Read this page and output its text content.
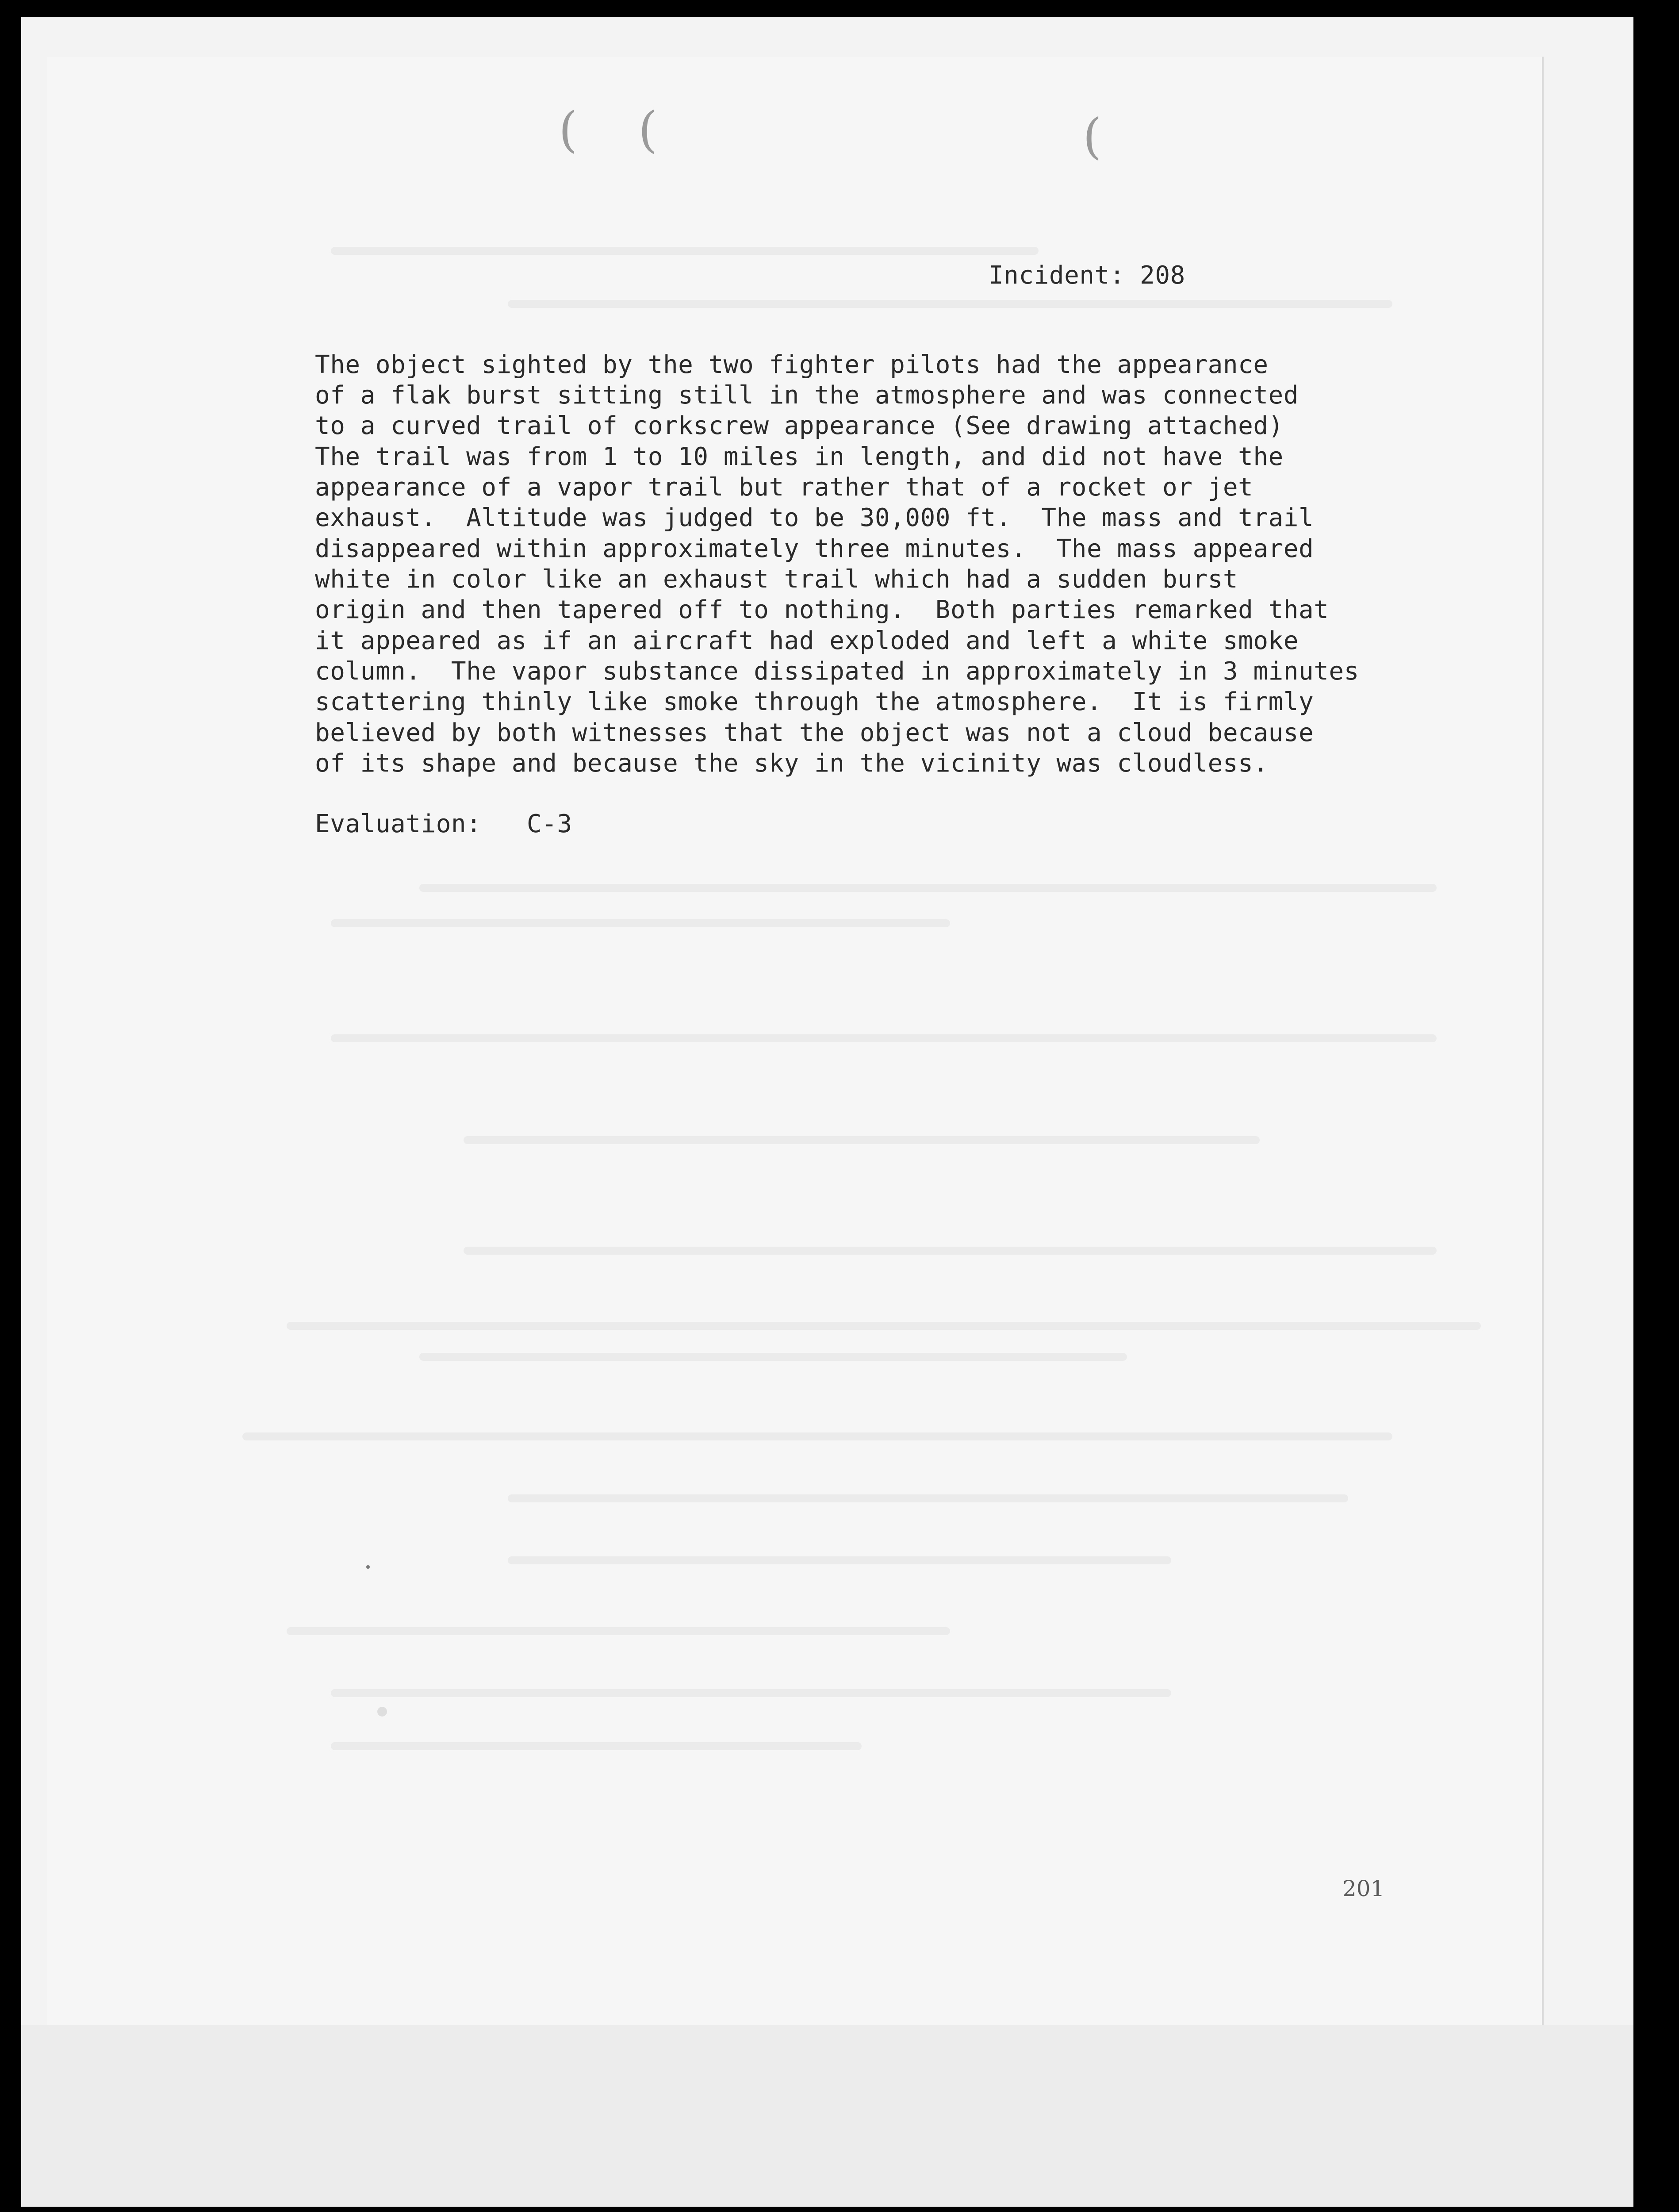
( (	(

Incident: 208

The object sighted by the two fighter pilots had the appearance

of a flak burst sitting still in the atmosphere and was connected

to a curved trail of corkscrew appearance (See drawing attached)

The trail was from 1 to 10 miles in length, and did not have the

appearance of a vapor trail but rather that of a rocket or jet

exhaust.  Altitude was judged to be 30,000 ft.  The mass and trail

disappeared within approximately three minutes.  The mass appeared

white in color like an exhaust trail which had a sudden burst

origin and then tapered off to nothing.  Both parties remarked that

it appeared as if an aircraft had exploded and left a white smoke

column.  The vapor substance dissipated in approximately in 3 minutes

scattering thinly like smoke through the atmosphere.  It is firmly

believed by both witnesses that the object was not a cloud because

of its shape and because the sky in the vicinity was cloudless.

Evaluation: C-3

201
